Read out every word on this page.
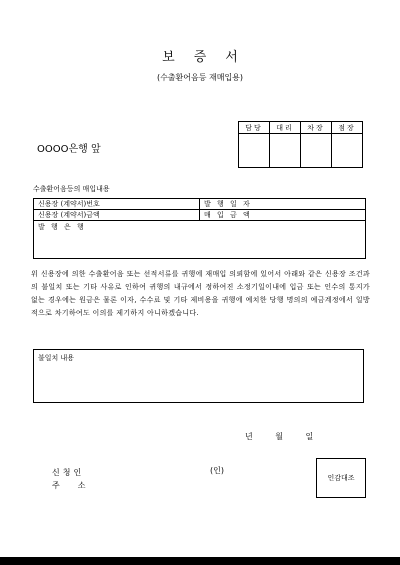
보증서
(수출환어음등 재매입용)
담당	대리	차장	점장

OOOO은행 앞
수출환어음등의 매입내용
신용장 (계약서)번호	발 행 일 자
신용장 (계약서)금액	매 입 금 액
발 행 은 행	
위 신용장에 의한 수출환어음 또는 선적서류를 귀행에 재매입 의뢰함에 있어서 아래와 같은 신용장 조건과의 불일치 또는 기타 사유로 인하여 귀행의 내규에서 정하여진 소정기일이내에 입금 또는 인수의 통지가 없는 경우에는 원금은 물론 이자, 수수료 및 기타 제비용을 귀행에 예치한 당행 명의의 예금계정에서 일방적으로 차기하여도 이의를 제기하지 아니하겠습니다.
불일치 내용
년 월 일
신청인
주소
(인)
인감대조
